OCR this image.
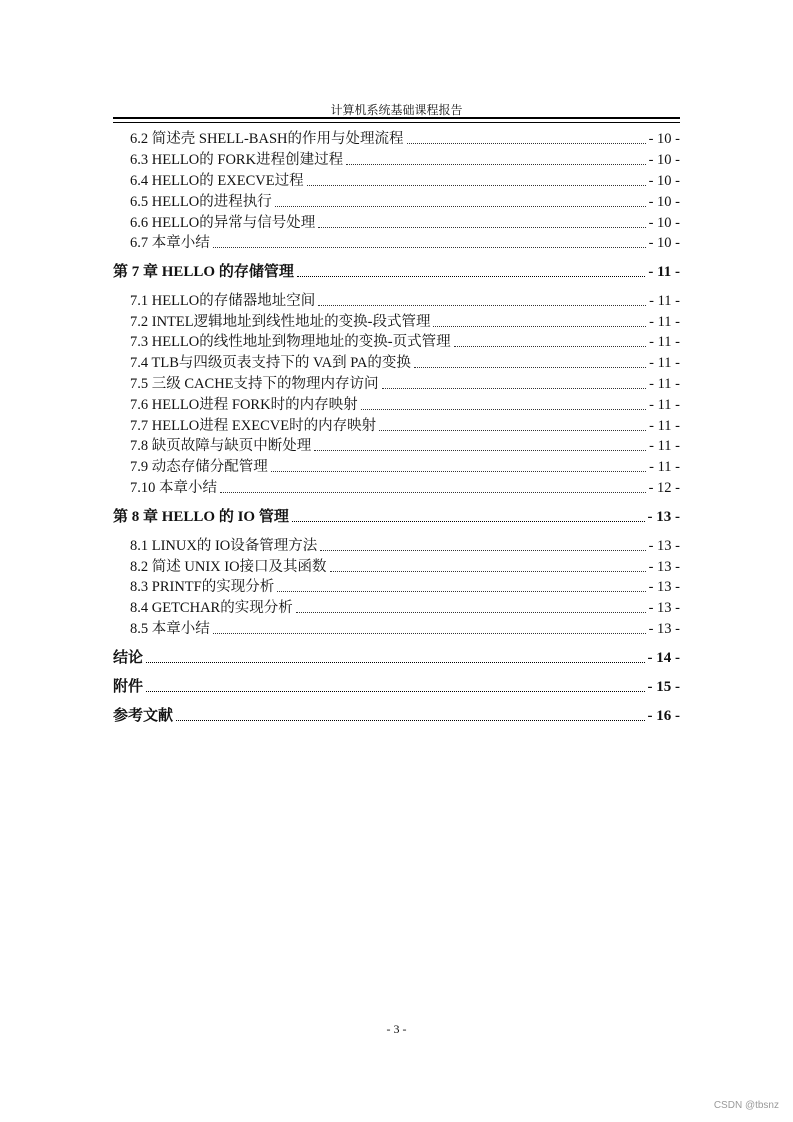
计算机系统基础课程报告
6.2 简述壳 SHELL-BASH的作用与处理流程	- 10 -
6.3 HELLO的 FORK进程创建过程	- 10 -
6.4 HELLO的 EXECVE过程	- 10 -
6.5 HELLO的进程执行	- 10 -
6.6 HELLO的异常与信号处理	- 10 -
6.7 本章小结	- 10 -
第 7 章 HELLO 的存储管理	- 11 -
7.1 HELLO的存储器地址空间	- 11 -
7.2 INTEL逻辑地址到线性地址的变换-段式管理	- 11 -
7.3 HELLO的线性地址到物理地址的变换-页式管理	- 11 -
7.4 TLB与四级页表支持下的 VA到 PA的变换	- 11 -
7.5 三级 CACHE支持下的物理内存访问	- 11 -
7.6 HELLO进程 FORK时的内存映射	- 11 -
7.7 HELLO进程 EXECVE时的内存映射	- 11 -
7.8 缺页故障与缺页中断处理	- 11 -
7.9 动态存储分配管理	- 11 -
7.10 本章小结	- 12 -
第 8 章 HELLO 的 IO 管理	- 13 -
8.1 LINUX的 IO设备管理方法	- 13 -
8.2 简述 UNIX IO接口及其函数	- 13 -
8.3 PRINTF的实现分析	- 13 -
8.4 GETCHAR的实现分析	- 13 -
8.5 本章小结	- 13 -
结论	- 14 -
附件	- 15 -
参考文献	- 16 -
- 3 -
CSDN @tbsnz
